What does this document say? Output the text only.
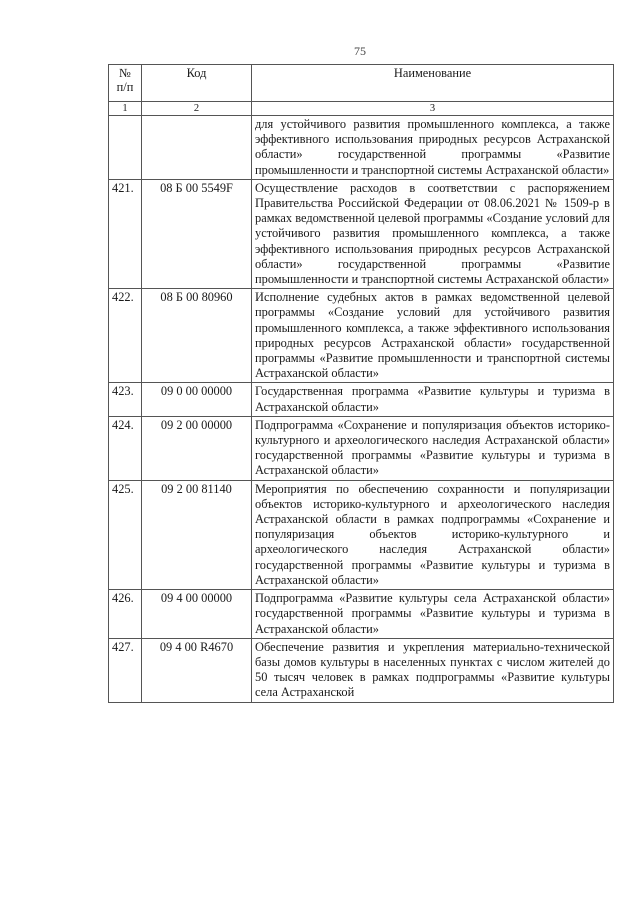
75
№
п/п	Код	Наименование
1	2	3
		для устойчивого развития промышленного комплекса, а также эффективного использования природных ресурсов Астраханской области» государственной программы «Развитие промышленности и транспортной системы Астраханской области»
421.	08 Б 00 5549F	Осуществление расходов в соответствии с распоряжением Правительства Российской Федерации от 08.06.2021 № 1509-р в рамках ведомственной целевой программы «Создание условий для устойчивого развития промышленного комплекса, а также эффективного использования природных ресурсов Астраханской области» государственной программы «Развитие промышленности и транспортной системы Астраханской области»
422.	08 Б 00 80960	Исполнение судебных актов в рамках ведомственной целевой программы «Создание условий для устойчивого развития промышленного комплекса, а также эффективного использования природных ресурсов Астраханской области» государственной программы «Развитие промышленности и транспортной системы Астраханской области»
423.	09 0 00 00000	Государственная программа «Развитие культуры и туризма в Астраханской области»
424.	09 2 00 00000	Подпрограмма «Сохранение и популяризация объектов историко-культурного и археологического наследия Астраханской области» государственной программы «Развитие культуры и туризма в Астраханской области»
425.	09 2 00 81140	Мероприятия по обеспечению сохранности и популяризации объектов историко-культурного и археологического наследия Астраханской области в рамках подпрограммы «Сохранение и популяризация объектов историко-культурного и археологического наследия Астраханской области» государственной программы «Развитие культуры и туризма в Астраханской области»
426.	09 4 00 00000	Подпрограмма «Развитие культуры села Астраханской области» государственной программы «Развитие культуры и туризма в Астраханской области»
427.	09 4 00 R4670	Обеспечение развития и укрепления материально-технической базы домов культуры в населенных пунктах с числом жителей до 50 тысяч человек в рамках подпрограммы «Развитие культуры села Астраханской
